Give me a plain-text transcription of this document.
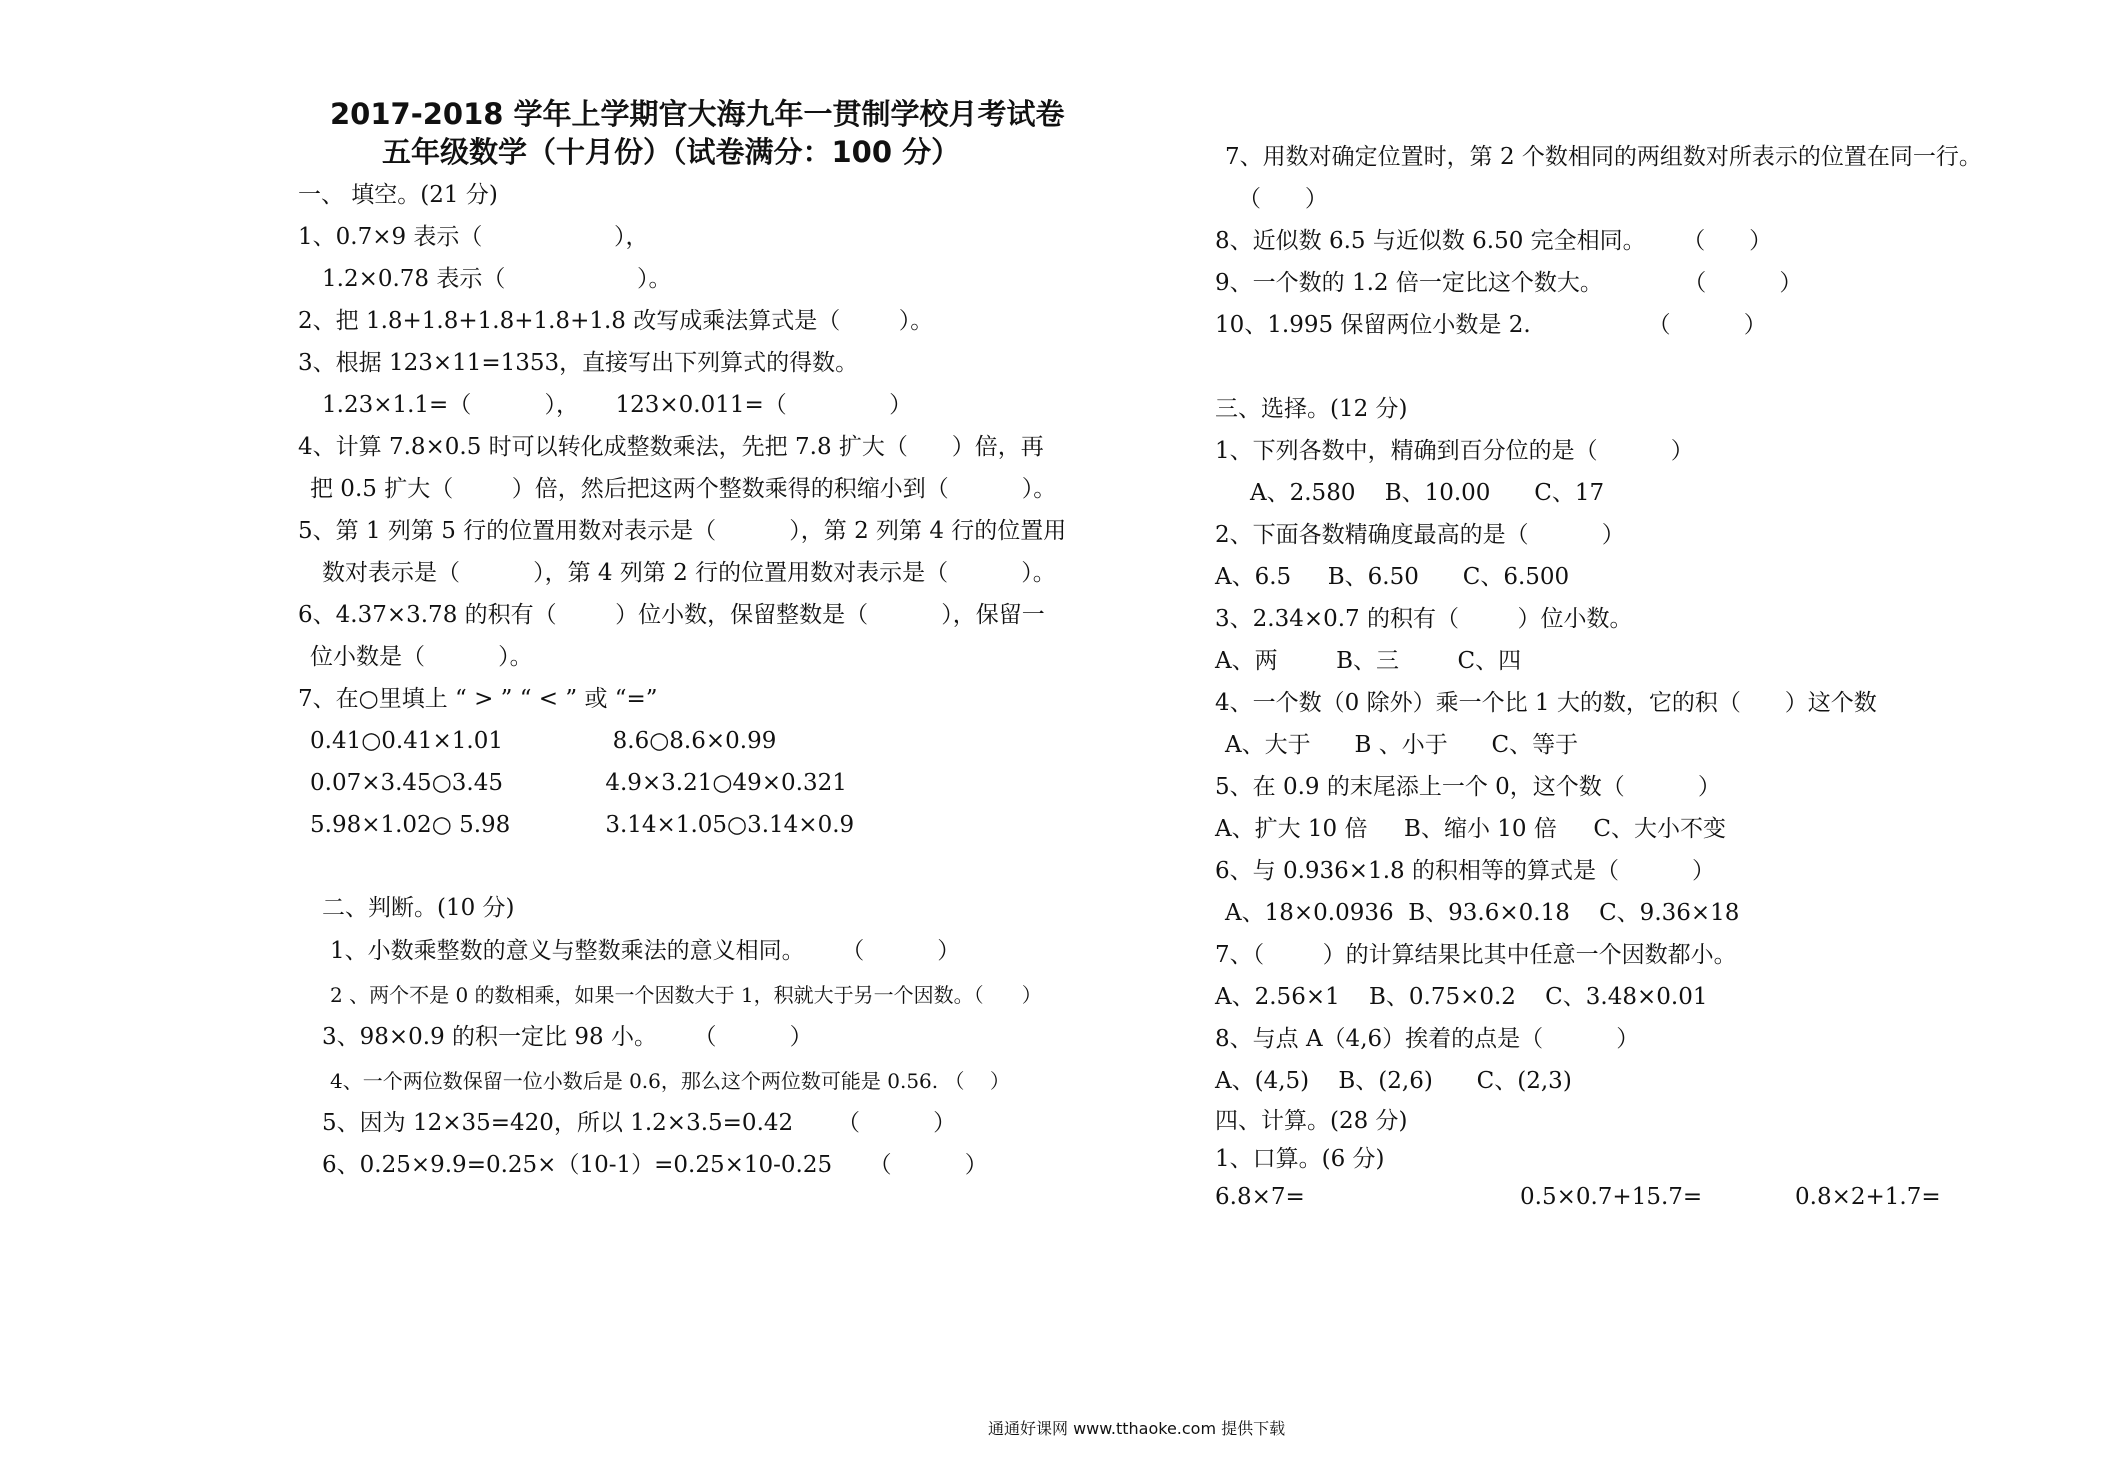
2017-2018 学年上学期官大海九年一贯制学校月考试卷
五年级数学（十月份）（试卷满分：100 分）
一、 填空。(21 分)
1、0.7×9 表示（                  ），
1.2×0.78 表示（                  ）。
2、把 1.8+1.8+1.8+1.8+1.8 改写成乘法算式是（        ）。
3、根据 123×11=1353，直接写出下列算式的得数。
1.23×1.1=（          ），     123×0.011=（              ）
4、计算 7.8×0.5 时可以转化成整数乘法，先把 7.8 扩大（      ）倍，再
把 0.5 扩大（        ）倍，然后把这两个整数乘得的积缩小到（          ）。
5、第 1 列第 5 行的位置用数对表示是（          ），第 2 列第 4 行的位置用
数对表示是（          ），第 4 列第 2 行的位置用数对表示是（          ）。
6、4.37×3.78 的积有（        ）位小数，保留整数是（          ），保留一
位小数是（          ）。
7、在○里填上 “ > ” “ < ” 或 “=”
0.41○0.41×1.01               8.6○8.6×0.99
0.07×3.45○3.45              4.9×3.21○49×0.321
5.98×1.02○ 5.98             3.14×1.05○3.14×0.9
二、判断。(10 分)
1、小数乘整数的意义与整数乘法的意义相同。     （          ）
2 、两个不是 0 的数相乘，如果一个因数大于 1，积就大于另一个因数。（      ）
3、98×0.9 的积一定比 98 小。     （          ）
4、一个两位数保留一位小数后是 0.6，那么这个两位数可能是 0.56. （    ）
5、因为 12×35=420，所以 1.2×3.5=0.42      （          ）
6、0.25×9.9=0.25×（10-1）=0.25×10-0.25     （          ）
7、用数对确定位置时，第 2 个数相同的两组数对所表示的位置在同一行。
（      ）
8、近似数 6.5 与近似数 6.50 完全相同。     （      ）
9、一个数的 1.2 倍一定比这个数大。           （          ）
10、1.995 保留两位小数是 2.                （          ）
三、选择。(12 分)
1、下列各数中，精确到百分位的是（          ）
A、2.580    B、10.00      C、17
2、下面各数精确度最高的是（          ）
A、6.5     B、6.50      C、6.500
3、2.34×0.7 的积有（        ）位小数。
A、两        B、三        C、四
4、一个数（0 除外）乘一个比 1 大的数，它的积（      ）这个数
A、大于      B 、小于      C、等于
5、在 0.9 的末尾添上一个 0，这个数（          ）
A、扩大 10 倍     B、缩小 10 倍     C、大小不变
6、与 0.936×1.8 的积相等的算式是（          ）
A、18×0.0936  B、93.6×0.18    C、9.36×18
7、（        ）的计算结果比其中任意一个因数都小。
A、2.56×1    B、0.75×0.2    C、3.48×0.01
8、与点 A（4,6）挨着的点是（          ）
A、(4,5)    B、(2,6)      C、(2,3)
四、计算。(28 分)
1、口算。(6 分)
6.8×7=	0.5×0.7+15.7=	0.8×2+1.7=
通通好课网 www.tthaoke.com 提供下载
